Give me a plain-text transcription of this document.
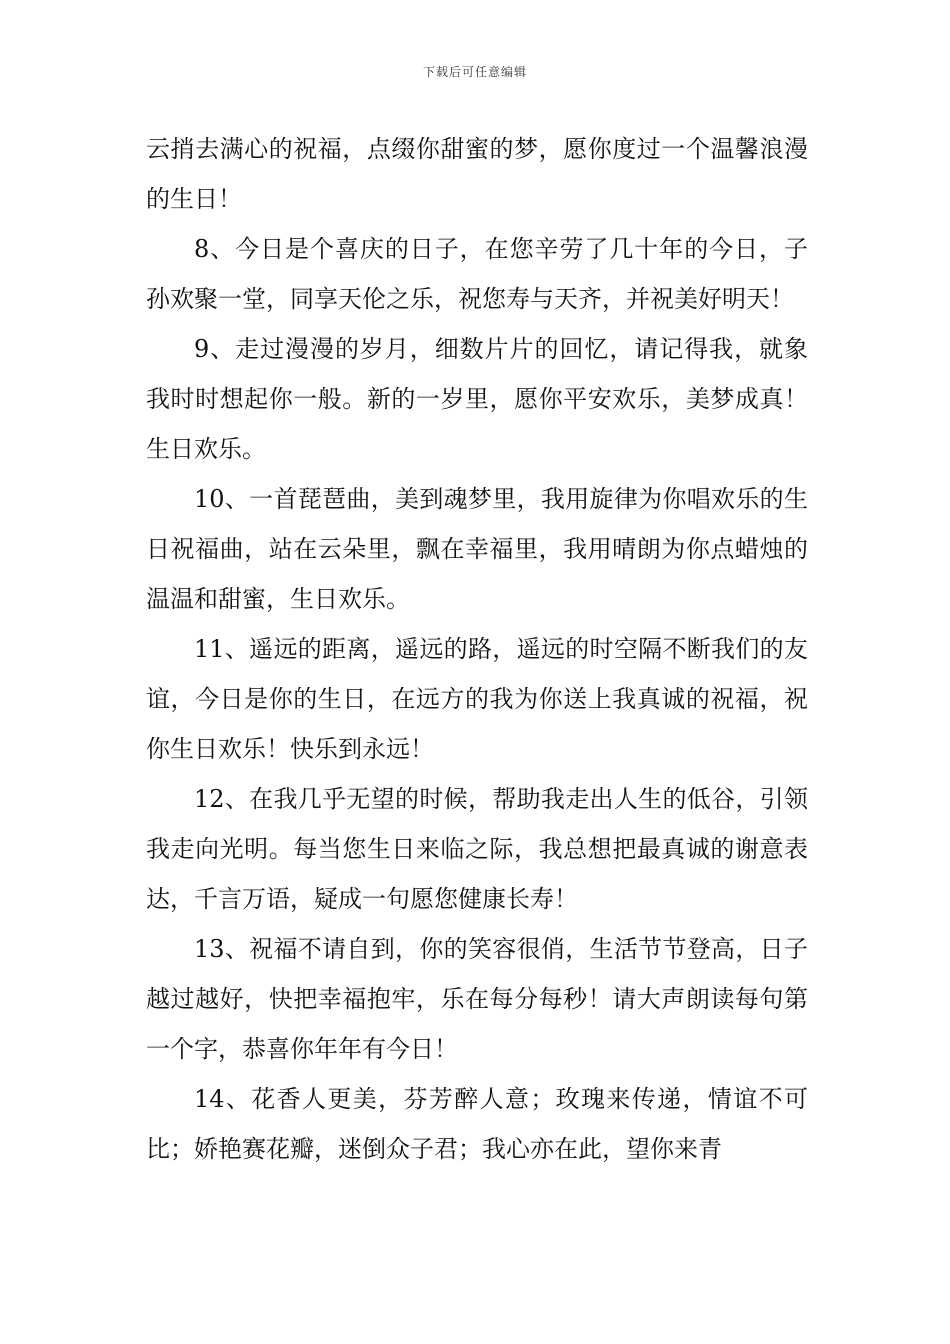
下载后可任意编辑

云捎去满心的祝福，点缀你甜蜜的梦，愿你度过一个温馨浪漫的生日！

8、今日是个喜庆的日子，在您辛劳了几十年的今日，子孙欢聚一堂，同享天伦之乐，祝您寿与天齐，并祝美好明天！

9、走过漫漫的岁月，细数片片的回忆，请记得我，就象我时时想起你一般。新的一岁里，愿你平安欢乐，美梦成真！生日欢乐。

10、一首琵琶曲，美到魂梦里，我用旋律为你唱欢乐的生日祝福曲，站在云朵里，飘在幸福里，我用晴朗为你点蜡烛的温温和甜蜜，生日欢乐。

11、遥远的距离，遥远的路，遥远的时空隔不断我们的友谊，今日是你的生日，在远方的我为你送上我真诚的祝福，祝你生日欢乐！快乐到永远！

12、在我几乎无望的时候，帮助我走出人生的低谷，引领我走向光明。每当您生日来临之际，我总想把最真诚的谢意表达，千言万语，疑成一句愿您健康长寿！

13、祝福不请自到，你的笑容很俏，生活节节登高，日子越过越好，快把幸福抱牢，乐在每分每秒！请大声朗读每句第一个字，恭喜你年年有今日！

14、花香人更美，芬芳醉人意；玫瑰来传递，情谊不可比；娇艳赛花瓣，迷倒众子君；我心亦在此，望你来青
